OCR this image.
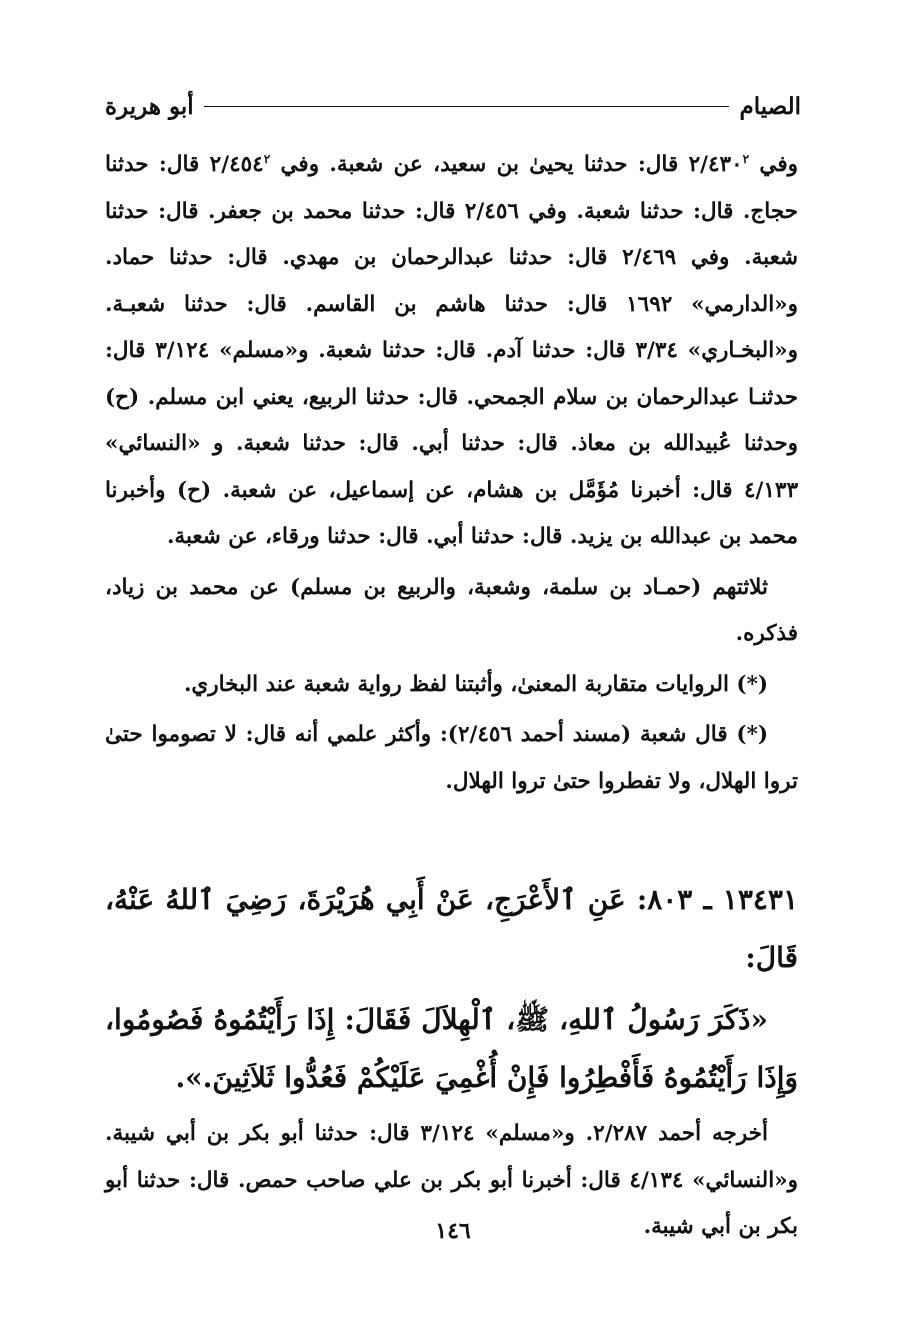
الصيام
أبو هريرة

وفي $٢/٤٣٠^٢$ قال: حدثنا يحيىٰ بن سعيد، عن شعبة. وفي $٢/٤٥٤^٢$ قال: حدثنا حجاج. قال: حدثنا شعبة. وفي ٢/٤٥٦ قال: حدثنا محمد بن جعفر. قال: حدثنا شعبة. وفي ٢/٤٦٩ قال: حدثنا عبدالرحمان بن مهدي. قال: حدثنا حماد. و«الدارمي» ١٦٩٢ قال: حدثنا هاشم بن القاسم. قال: حدثنا شعبـة. و«البخـاري» ٣/٣٤ قال: حدثنا آدم. قال: حدثنا شعبة. و«مسلم» ٣/١٢٤ قال: حدثنـا عبدالرحمان بن سلام الجمحي. قال: حدثنا الربيع، يعني ابن مسلم. (ح) وحدثنا عُبيدالله بن معاذ. قال: حدثنا أبي. قال: حدثنا شعبة. و «النسائي» ٤/١٣٣ قال: أخبرنا مُؤَمَّل بن هشام، عن إسماعيل، عن شعبة. (ح) وأخبرنا محمد بن عبدالله بن يزيد. قال: حدثنا أبي. قال: حدثنا ورقاء، عن شعبة.

ثلاثتهم (حمـاد بن سلمة، وشعبة، والربيع بن مسلم) عن محمد بن زياد، فذكره.

(*) الروايات متقاربة المعنىٰ، وأثبتنا لفظ رواية شعبة عند البخاري.

(*) قال شعبة (مسند أحمد ٢/٤٥٦): وأكثر علمي أنه قال: لا تصوموا حتىٰ تروا الهلال، ولا تفطروا حتىٰ تروا الهلال.

١٣٤٣١ ـ ٨٠٣: عَنِ ٱلأَعْرَجِ، عَنْ أَبِي هُرَيْرَةَ، رَضِيَ ٱللهُ عَنْهُ، قَالَ:

«ذَكَرَ رَسُولُ ٱللهِ، ﷺ، ٱلْهِلاَلَ فَقَالَ: إِذَا رَأَيْتُمُوهُ فَصُومُوا، وَإِذَا رَأَيْتُمُوهُ فَأَفْطِرُوا فَإِنْ أُغْمِيَ عَلَيْكُمْ فَعُدُّوا ثَلاَثِينَ.».

أخرجه أحمد ٢/٢٨٧. و«مسلم» ٣/١٢٤ قال: حدثنا أبو بكر بن أبي شيبة. و«النسائي» ٤/١٣٤ قال: أخبرنا أبو بكر بن علي صاحب حمص. قال: حدثنا أبو بكر بن أبي شيبة.

١٤٦
